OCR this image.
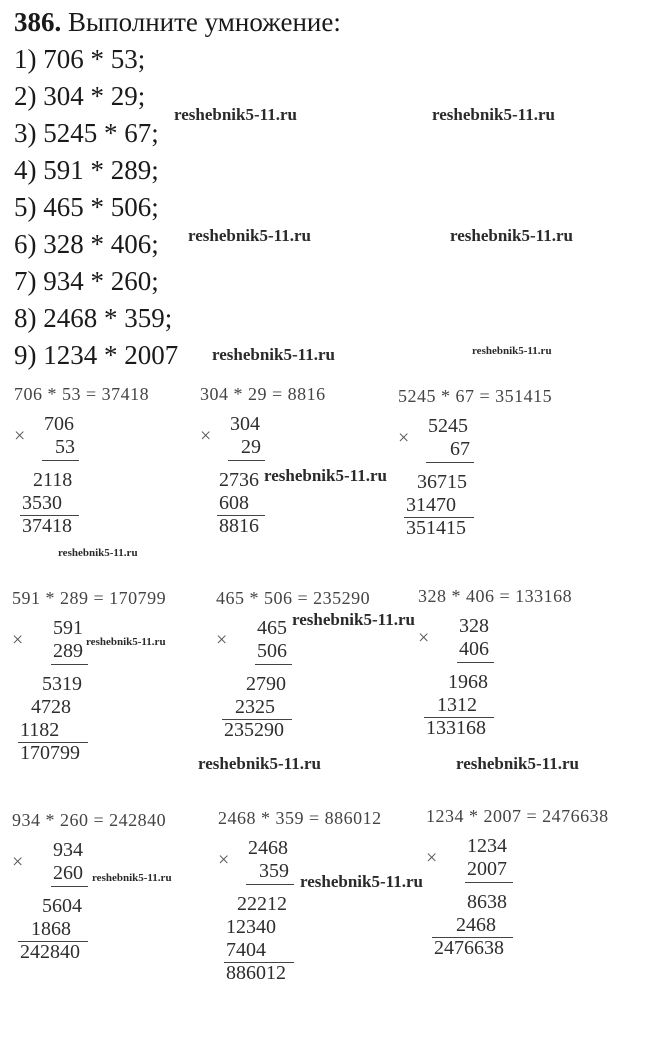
386. Выполните умножение:
1) 706 * 53;
2) 304 * 29;
3) 5245 * 67;
4) 591 * 289;
5) 465 * 506;
6) 328 * 406;
7) 934 * 260;
8) 2468 * 359;
9) 1234 * 2007
reshebnik5-11.ru	reshebnik5-11.ru
reshebnik5-11.ru	reshebnik5-11.ru
reshebnik5-11.ru	reshebnik5-11.ru
reshebnik5-11.ru
reshebnik5-11.ru
reshebnik5-11.ru
reshebnik5-11.ru
reshebnik5-11.ru	reshebnik5-11.ru
reshebnik5-11.ru	reshebnik5-11.ru
706 * 53 = 37418
×
706
53
2118
3530
37418
304 * 29 = 8816
×
304
29
2736
608
8816
5245 * 67 = 351415
×
5245
67
36715
31470
351415
591 * 289 = 170799
×
591
289
5319
4728
1182
170799
465 * 506 = 235290
×
465
506
2790
2325
235290
328 * 406 = 133168
×
328
406
1968
1312
133168
934 * 260 = 242840
×
934
260
5604
1868
242840
2468 * 359 = 886012
×
2468
359
22212
12340
7404
886012
1234 * 2007 = 2476638
×
1234
2007
8638
2468
2476638
